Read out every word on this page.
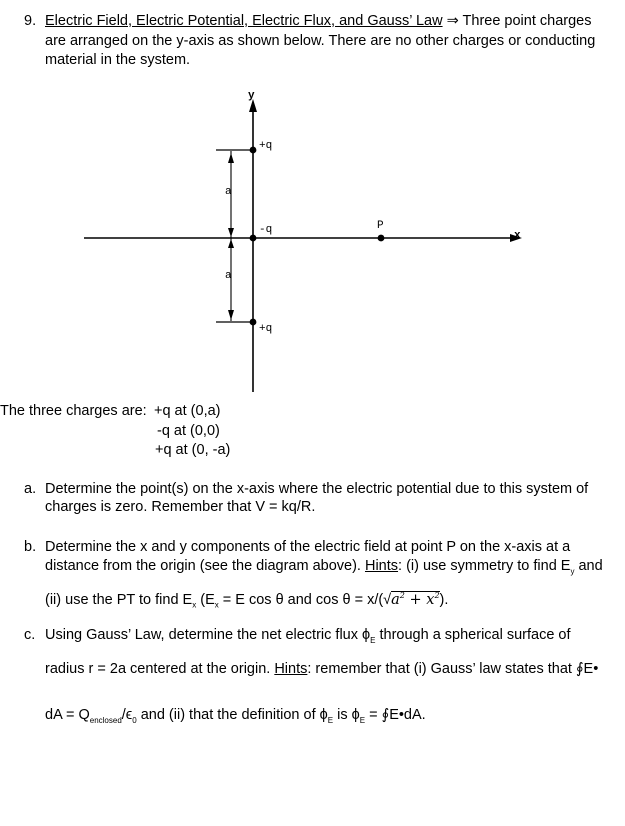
9. Electric Field, Electric Potential, Electric Flux, and Gauss’ Law ⇒ Three point charges
are arranged on the y-axis as shown below. There are no other charges or conducting
material in the system.
y
x
+q
-q
+q
P
a
a
The three charges are: +q at (0,a)
-q at (0,0)
+q at (0, -a)
a. Determine the point(s) on the x-axis where the electric potential due to this system of
charges is zero. Remember that V = kq/R.
b. Determine the x and y components of the electric field at point P on the x-axis at a
distance from the origin (see the diagram above). Hints: (i) use symmetry to find $E_y$ and
(ii) use the PT to find $E_x$ ($E_x = E$ cos θ and $\cos \theta = x/(√a^2 + x^2)$.
c. Using Gauss’ Law, determine the net electric flux $\phi_E$ through a spherical surface of
radius r = 2a centered at the origin. Hints: remember that (i) Gauss’ law states that ∮E•
dA = $Q_{enclosed}/\epsilon_0$ and (ii) that the definition of $\phi_E$ is $\phi_E$ = ∮E•dA.
